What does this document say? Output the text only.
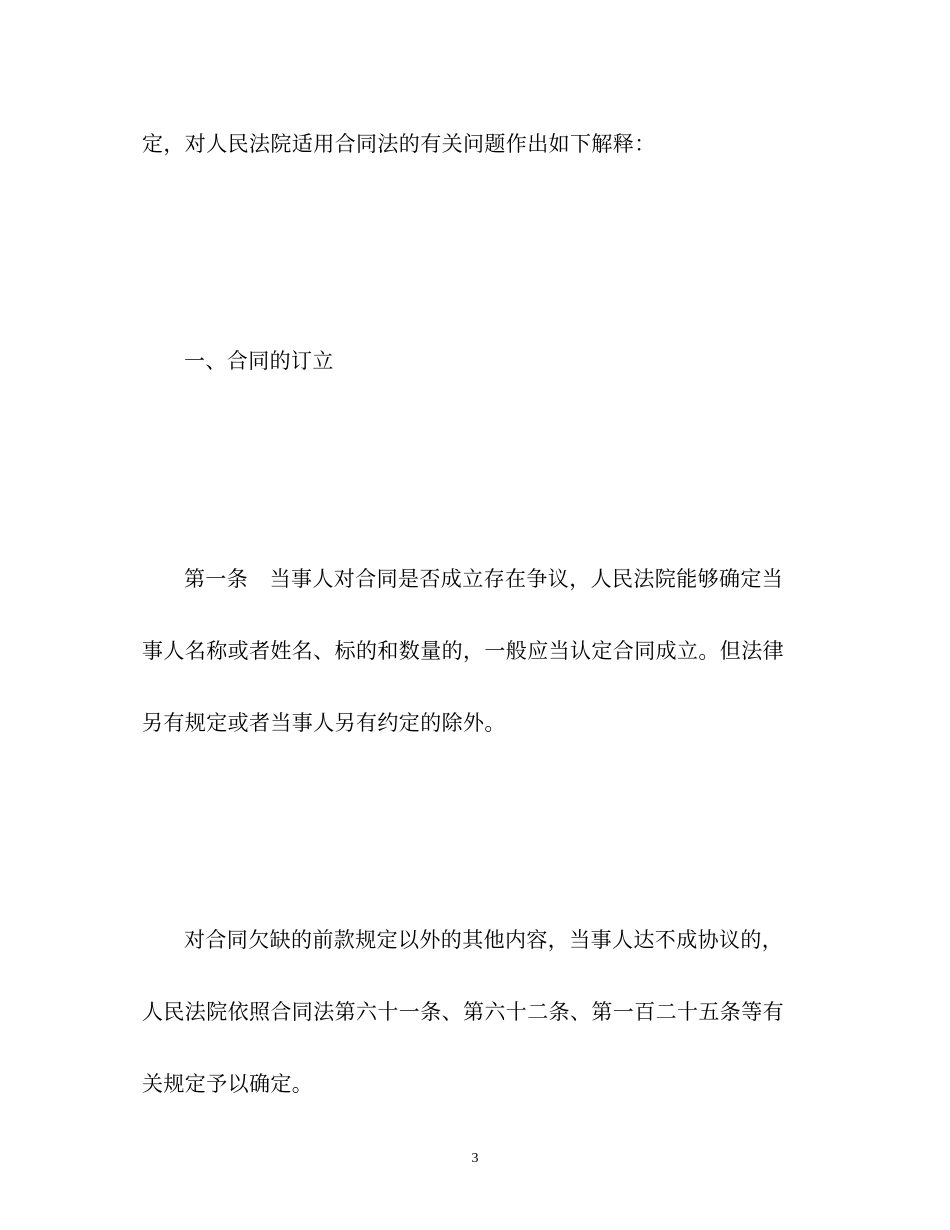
定，对人民法院适用合同法的有关问题作出如下解释：
一、合同的订立
第一条　当事人对合同是否成立存在争议，人民法院能够确定当
事人名称或者姓名、标的和数量的，一般应当认定合同成立。但法律
另有规定或者当事人另有约定的除外。
对合同欠缺的前款规定以外的其他内容，当事人达不成协议的，
人民法院依照合同法第六十一条、第六十二条、第一百二十五条等有
关规定予以确定。
3
